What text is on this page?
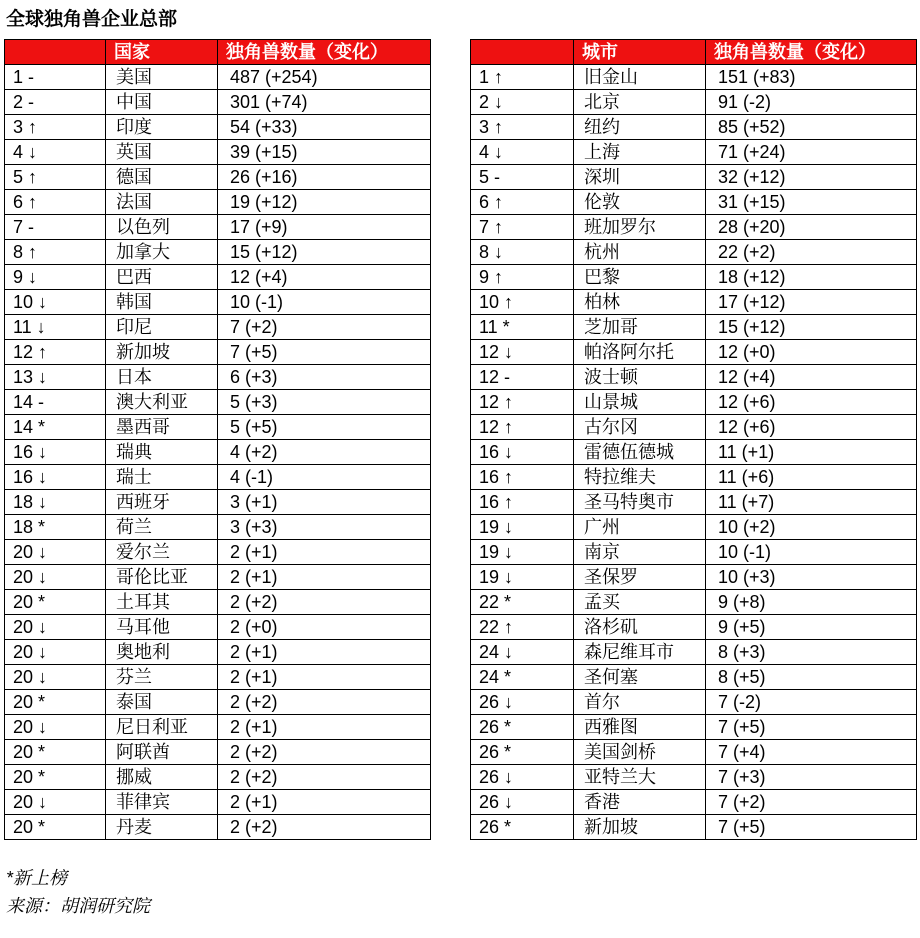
全球独角兽企业总部
	国家	独角兽数量（变化）
1 -	美国	487 (+254)
2 -	中国	301 (+74)
3 ↑	印度	54 (+33)
4 ↓	英国	39 (+15)
5 ↑	德国	26 (+16)
6 ↑	法国	19 (+12)
7 -	以色列	17 (+9)
8 ↑	加拿大	15 (+12)
9 ↓	巴西	12 (+4)
10 ↓	韩国	10 (-1)
11 ↓	印尼	7 (+2)
12 ↑	新加坡	7 (+5)
13 ↓	日本	6 (+3)
14 -	澳大利亚	5 (+3)
14 *	墨西哥	5 (+5)
16 ↓	瑞典	4 (+2)
16 ↓	瑞士	4 (-1)
18 ↓	西班牙	3 (+1)
18 *	荷兰	3 (+3)
20 ↓	爱尔兰	2 (+1)
20 ↓	哥伦比亚	2 (+1)
20 *	土耳其	2 (+2)
20 ↓	马耳他	2 (+0)
20 ↓	奥地利	2 (+1)
20 ↓	芬兰	2 (+1)
20 *	泰国	2 (+2)
20 ↓	尼日利亚	2 (+1)
20 *	阿联酋	2 (+2)
20 *	挪威	2 (+2)
20 ↓	菲律宾	2 (+1)
20 *	丹麦	2 (+2)
	城市	独角兽数量（变化）
1 ↑	旧金山	151 (+83)
2 ↓	北京	91 (-2)
3 ↑	纽约	85 (+52)
4 ↓	上海	71 (+24)
5 -	深圳	32 (+12)
6 ↑	伦敦	31 (+15)
7 ↑	班加罗尔	28 (+20)
8 ↓	杭州	22 (+2)
9 ↑	巴黎	18 (+12)
10 ↑	柏林	17 (+12)
11 *	芝加哥	15 (+12)
12 ↓	帕洛阿尔托	12 (+0)
12 -	波士顿	12 (+4)
12 ↑	山景城	12 (+6)
12 ↑	古尔冈	12 (+6)
16 ↓	雷德伍德城	11 (+1)
16 ↑	特拉维夫	11 (+6)
16 ↑	圣马特奥市	11 (+7)
19 ↓	广州	10 (+2)
19 ↓	南京	10 (-1)
19 ↓	圣保罗	10 (+3)
22 *	孟买	9 (+8)
22 ↑	洛杉矶	9 (+5)
24 ↓	森尼维耳市	8 (+3)
24 *	圣何塞	8 (+5)
26 ↓	首尔	7 (-2)
26 *	西雅图	7 (+5)
26 *	美国剑桥	7 (+4)
26 ↓	亚特兰大	7 (+3)
26 ↓	香港	7 (+2)
26 *	新加坡	7 (+5)
*新上榜
来源：胡润研究院
